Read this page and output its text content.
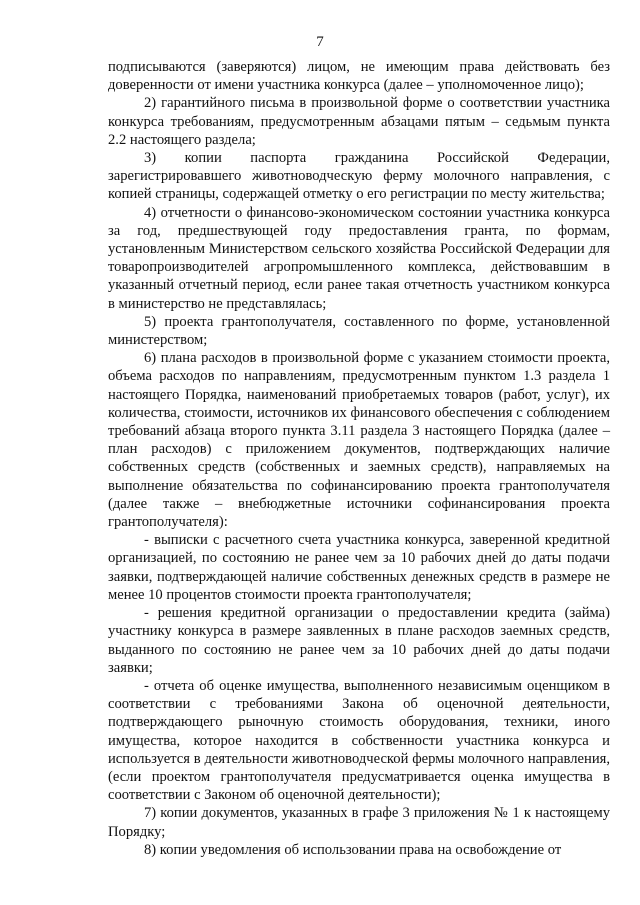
7

подписываются (заверяются) лицом, не имеющим права действовать без доверенности от имени участника конкурса (далее – уполномоченное лицо);

2) гарантийного письма в произвольной форме о соответствии участника конкурса требованиям, предусмотренным абзацами пятым – седьмым пункта 2.2 настоящего раздела;

3) копии паспорта гражданина Российской Федерации, зарегистрировавшего животноводческую ферму молочного направления, с копией страницы, содержащей отметку о его регистрации по месту жительства;

4) отчетности о финансово-экономическом состоянии участника конкурса за год, предшествующей году предоставления гранта, по формам, установленным Министерством сельского хозяйства Российской Федерации для товаропроизводителей агропромышленного комплекса, действовавшим в указанный отчетный период, если ранее такая отчетность участником конкурса в министерство не представлялась;

5) проекта грантополучателя, составленного по форме, установленной министерством;

6) плана расходов в произвольной форме с указанием стоимости проекта, объема расходов по направлениям, предусмотренным пунктом 1.3 раздела 1 настоящего Порядка, наименований приобретаемых товаров (работ, услуг), их количества, стоимости, источников их финансового обеспечения с соблюдением требований абзаца второго пункта 3.11 раздела 3 настоящего Порядка (далее – план расходов) с приложением документов, подтверждающих наличие собственных средств (собственных и заемных средств), направляемых на выполнение обязательства по софинансированию проекта грантополучателя (далее также – внебюджетные источники софинансирования проекта грантополучателя):

- выписки с расчетного счета участника конкурса, заверенной кредитной организацией, по состоянию не ранее чем за 10 рабочих дней до даты подачи заявки, подтверждающей наличие собственных денежных средств в размере не менее 10 процентов стоимости проекта грантополучателя;

- решения кредитной организации о предоставлении кредита (займа) участнику конкурса в размере заявленных в плане расходов заемных средств, выданного по состоянию не ранее чем за 10 рабочих дней до даты подачи заявки;

- отчета об оценке имущества, выполненного независимым оценщиком в соответствии с требованиями Закона об оценочной деятельности, подтверждающего рыночную стоимость оборудования, техники, иного имущества, которое находится в собственности участника конкурса и используется в деятельности животноводческой фермы молочного направления, (если проектом грантополучателя предусматривается оценка имущества в соответствии с Законом об оценочной деятельности);

7) копии документов, указанных в графе 3 приложения № 1 к настоящему Порядку;

8) копии уведомления об использовании права на освобождение от
